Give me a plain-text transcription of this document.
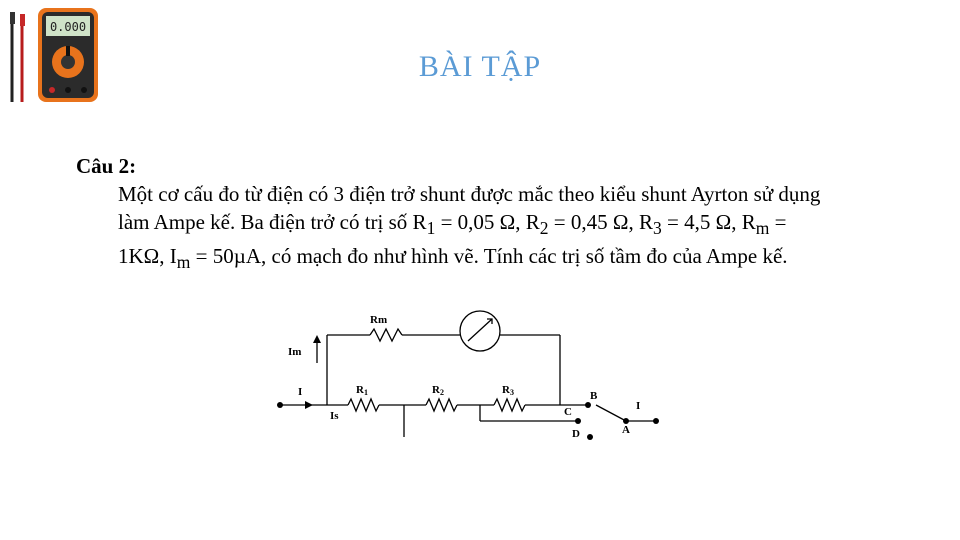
0.000
BÀI TẬP
Câu 2:
Một cơ cấu đo từ điện có 3 điện trở shunt được mắc theo kiểu shunt Ayrton sử dụng làm Ampe kế. Ba điện trở có trị số $R_1 = 0,05$ Ω, $R_2 = 0,45$ Ω, $R_3 = 4,5$ Ω, $R_m = 1K\Omega$, $I_m = 50\mu A$, có mạch đo như hình vẽ. Tính các trị số tầm đo của Ampe kế.
Rm
Im
I
Is
R1	R2	R3	B
C
D	A
I
